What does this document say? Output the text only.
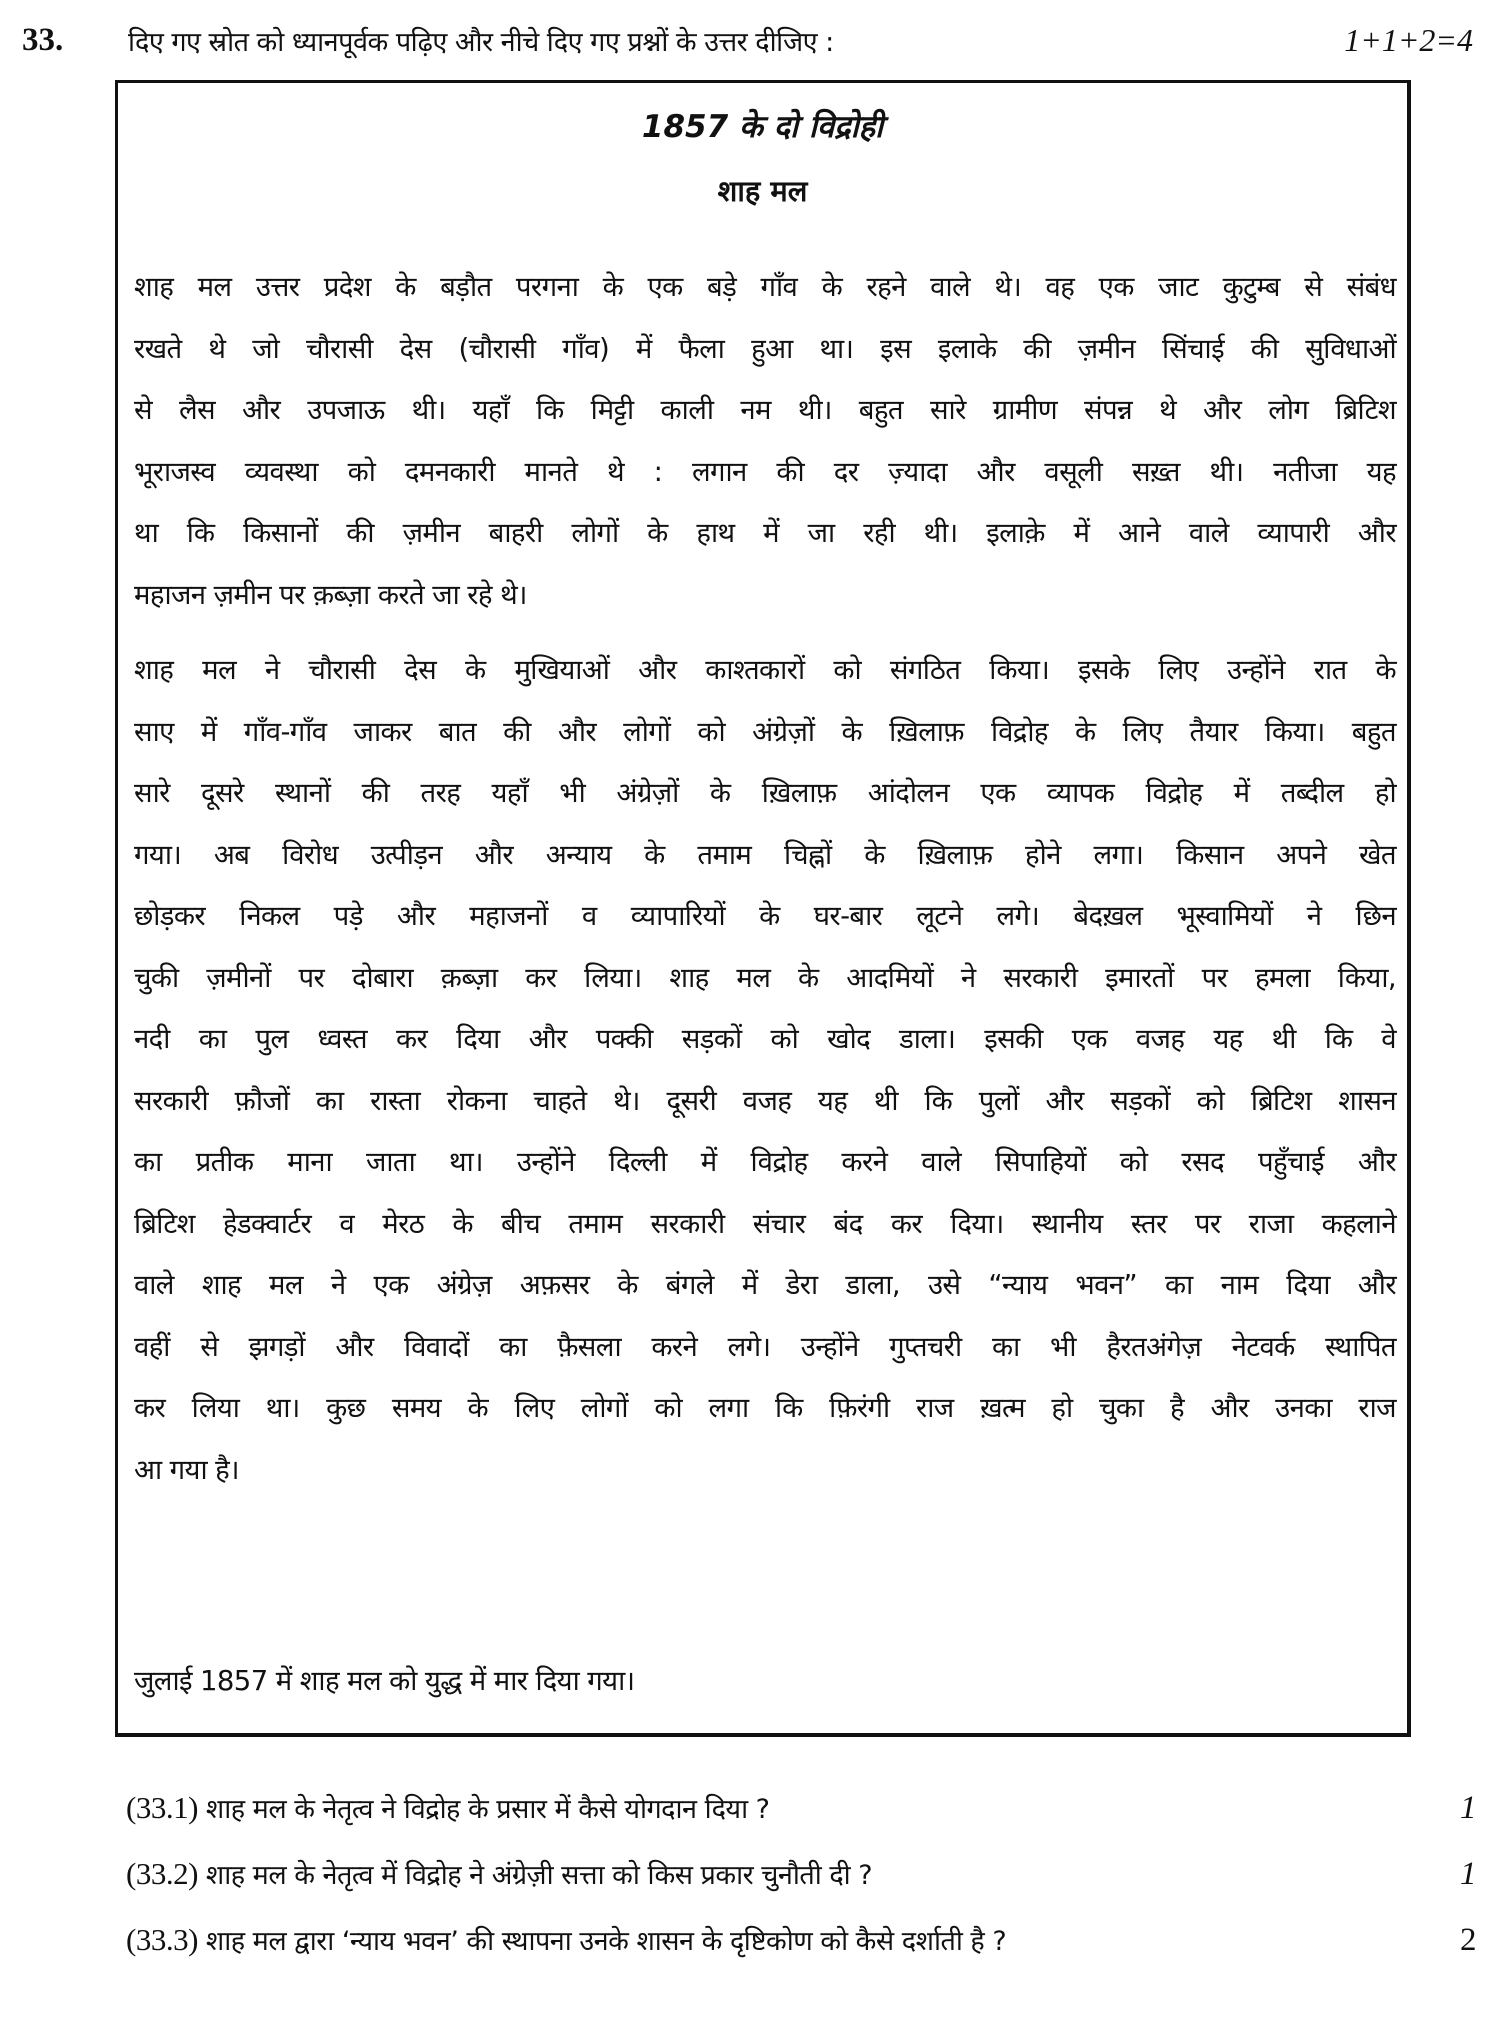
33. दिए गए स्रोत को ध्यानपूर्वक पढ़िए और नीचे दिए गए प्रश्नों के उत्तर दीजिए :	1+1+2=4
1857 के दो विद्रोही
शाह मल
शाह मल उत्तर प्रदेश के बड़ौत परगना के एक बड़े गाँव के रहने वाले थे। वह एक जाट कुटुम्ब से संबंध
रखते थे जो चौरासी देस (चौरासी गाँव) में फैला हुआ था। इस इलाके की ज़मीन सिंचाई की सुविधाओं
से लैस और उपजाऊ थी। यहाँ कि मिट्टी काली नम थी। बहुत सारे ग्रामीण संपन्न थे और लोग ब्रिटिश
भूराजस्व व्यवस्था को दमनकारी मानते थे : लगान की दर ज़्यादा और वसूली सख़्त थी। नतीजा यह
था कि किसानों की ज़मीन बाहरी लोगों के हाथ में जा रही थी। इलाक़े में आने वाले व्यापारी और
महाजन ज़मीन पर क़ब्ज़ा करते जा रहे थे।
शाह मल ने चौरासी देस के मुखियाओं और काश्तकारों को संगठित किया। इसके लिए उन्होंने रात के
साए में गाँव-गाँव जाकर बात की और लोगों को अंग्रेज़ों के ख़िलाफ़ विद्रोह के लिए तैयार किया। बहुत
सारे दूसरे स्थानों की तरह यहाँ भी अंग्रेज़ों के ख़िलाफ़ आंदोलन एक व्यापक विद्रोह में तब्दील हो
गया। अब विरोध उत्पीड़न और अन्याय के तमाम चिह्नों के ख़िलाफ़ होने लगा। किसान अपने खेत
छोड़कर निकल पड़े और महाजनों व व्यापारियों के घर-बार लूटने लगे। बेदख़ल भूस्वामियों ने छिन
चुकी ज़मीनों पर दोबारा क़ब्ज़ा कर लिया। शाह मल के आदमियों ने सरकारी इमारतों पर हमला किया,
नदी का पुल ध्वस्त कर दिया और पक्की सड़कों को खोद डाला। इसकी एक वजह यह थी कि वे
सरकारी फ़ौजों का रास्ता रोकना चाहते थे। दूसरी वजह यह थी कि पुलों और सड़कों को ब्रिटिश शासन
का प्रतीक माना जाता था। उन्होंने दिल्ली में विद्रोह करने वाले सिपाहियों को रसद पहुँचाई और
ब्रिटिश हेडक्वार्टर व मेरठ के बीच तमाम सरकारी संचार बंद कर दिया। स्थानीय स्तर पर राजा कहलाने
वाले शाह मल ने एक अंग्रेज़ अफ़सर के बंगले में डेरा डाला, उसे “न्याय भवन” का नाम दिया और
वहीं से झगड़ों और विवादों का फ़ैसला करने लगे। उन्होंने गुप्तचरी का भी हैरतअंगेज़ नेटवर्क स्थापित
कर लिया था। कुछ समय के लिए लोगों को लगा कि फ़िरंगी राज ख़त्म हो चुका है और उनका राज
आ गया है।
जुलाई 1857 में शाह मल को युद्ध में मार दिया गया।
(33.1) शाह मल के नेतृत्व ने विद्रोह के प्रसार में कैसे योगदान दिया ?	1
(33.2) शाह मल के नेतृत्व में विद्रोह ने अंग्रेज़ी सत्ता को किस प्रकार चुनौती दी ?	1
(33.3) शाह मल द्वारा ‘न्याय भवन’ की स्थापना उनके शासन के दृष्टिकोण को कैसे दर्शाती है ?	2
